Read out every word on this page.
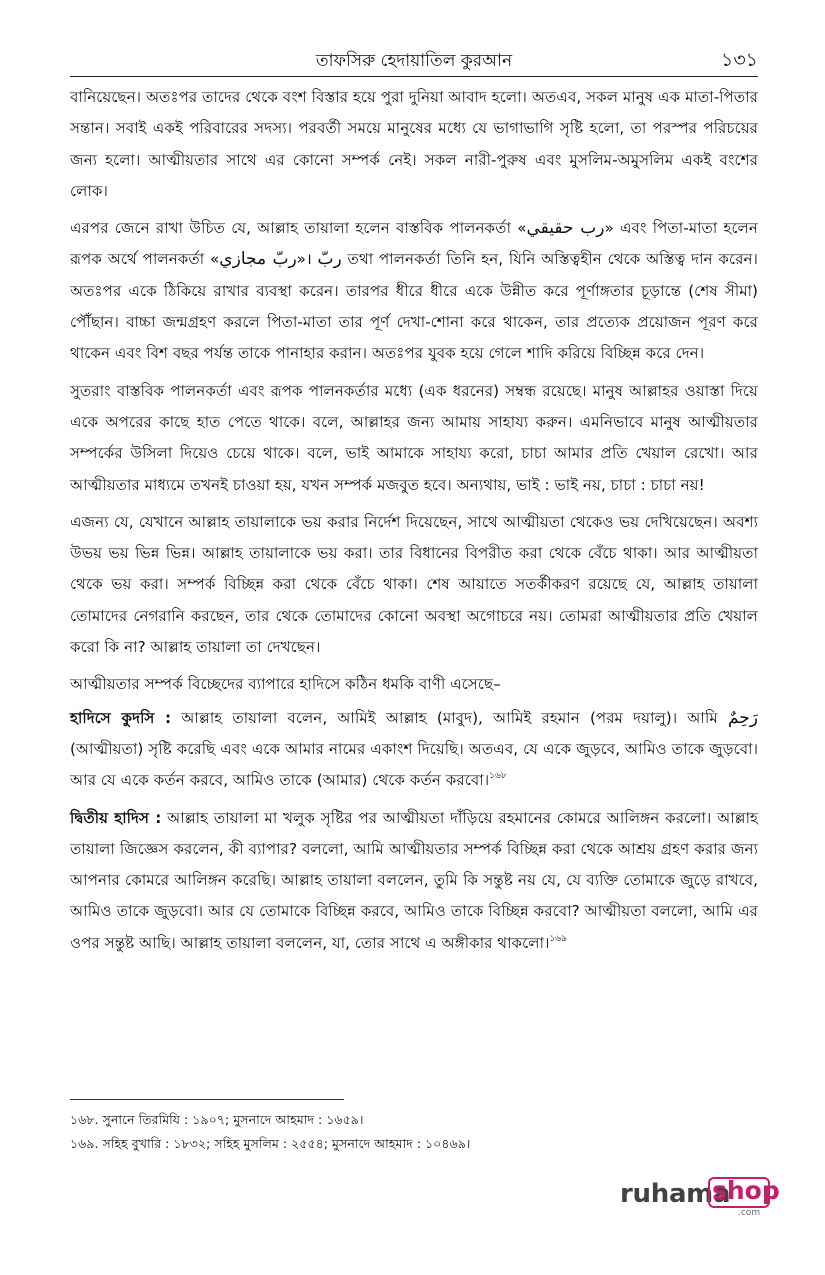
তাফসিরু হেদায়াতিল কুরআন	১৩১

বানিয়েছেন। অতঃপর তাদের থেকে বংশ বিস্তার হয়ে পুরা দুনিয়া আবাদ হলো। অতএব, সকল মানুষ এক মাতা-পিতার সন্তান। সবাই একই পরিবারের সদস্য। পরবর্তী সময়ে মানুষের মধ্যে যে ভাগাভাগি সৃষ্টি হলো, তা পরস্পর পরিচয়ের জন্য হলো। আত্মীয়তার সাথে এর কোনো সম্পর্ক নেই। সকল নারী-পুরুষ এবং মুসলিম-অমুসলিম একই বংশের লোক।

এরপর জেনে রাখা উচিত যে, আল্লাহ তায়ালা হলেন বাস্তবিক পালনকর্তা «رب حقيقي» এবং পিতা-মাতা হলেন রূপক অর্থে পালনকর্তা «ربّ مجازي»। ربّ তথা পালনকর্তা তিনি হন, যিনি অস্তিত্বহীন থেকে অস্তিত্ব দান করেন। অতঃপর একে ঠিকিয়ে রাখার ব্যবস্থা করেন। তারপর ধীরে ধীরে একে উন্নীত করে পূর্ণাঙ্গতার চূড়ান্তে (শেষ সীমা) পৌঁছান। বাচ্চা জন্মগ্রহণ করলে পিতা-মাতা তার পূর্ণ দেখা-শোনা করে থাকেন, তার প্রত্যেক প্রয়োজন পূরণ করে থাকেন এবং বিশ বছর পর্যন্ত তাকে পানাহার করান। অতঃপর যুবক হয়ে গেলে শাদি করিয়ে বিচ্ছিন্ন করে দেন।

সুতরাং বাস্তবিক পালনকর্তা এবং রূপক পালনকর্তার মধ্যে (এক ধরনের) সম্বন্ধ রয়েছে। মানুষ আল্লাহর ওয়াস্তা দিয়ে একে অপরের কাছে হাত পেতে থাকে। বলে, আল্লাহর জন্য আমায় সাহায্য করুন। এমনিভাবে মানুষ আত্মীয়তার সম্পর্কের উসিলা দিয়েও চেয়ে থাকে। বলে, ভাই আমাকে সাহায্য করো, চাচা আমার প্রতি খেয়াল রেখো। আর আত্মীয়তার মাধ্যমে তখনই চাওয়া হয়, যখন সম্পর্ক মজবুত হবে। অন্যথায়, ভাই : ভাই নয়, চাচা : চাচা নয়!

এজন্য যে, যেখানে আল্লাহ তায়ালাকে ভয় করার নির্দেশ দিয়েছেন, সাথে আত্মীয়তা থেকেও ভয় দেখিয়েছেন। অবশ্য উভয় ভয় ভিন্ন ভিন্ন। আল্লাহ তায়ালাকে ভয় করা। তার বিধানের বিপরীত করা থেকে বেঁচে থাকা। আর আত্মীয়তা থেকে ভয় করা। সম্পর্ক বিচ্ছিন্ন করা থেকে বেঁচে থাকা। শেষ আয়াতে সতর্কীকরণ রয়েছে যে, আল্লাহ তায়ালা তোমাদের নেগরানি করছেন, তার থেকে তোমাদের কোনো অবস্থা অগোচরে নয়। তোমরা আত্মীয়তার প্রতি খেয়াল করো কি না? আল্লাহ তায়ালা তা দেখছেন।

আত্মীয়তার সম্পর্ক বিচ্ছেদের ব্যাপারে হাদিসে কঠিন ধমকি বাণী এসেছে–

হাদিসে কুদসি : আল্লাহ তায়ালা বলেন, আমিই আল্লাহ (মাবুদ), আমিই রহমান (পরম দয়ালু)। আমি رَحِمٌ (আত্মীয়তা) সৃষ্টি করেছি এবং একে আমার নামের একাংশ দিয়েছি। অতএব, যে একে জুড়বে, আমিও তাকে জুড়বো। আর যে একে কর্তন করবে, আমিও তাকে (আমার) থেকে কর্তন করবো।$^{১৬৮}$

দ্বিতীয় হাদিস : আল্লাহ তায়ালা মা খলুক সৃষ্টির পর আত্মীয়তা দাঁড়িয়ে রহমানের কোমরে আলিঙ্গন করলো। আল্লাহ তায়ালা জিজ্ঞেস করলেন, কী ব্যাপার? বললো, আমি আত্মীয়তার সম্পর্ক বিচ্ছিন্ন করা থেকে আশ্রয় গ্রহণ করার জন্য আপনার কোমরে আলিঙ্গন করেছি। আল্লাহ তায়ালা বললেন, তুমি কি সন্তুষ্ট নয় যে, যে ব্যক্তি তোমাকে জুড়ে রাখবে, আমিও তাকে জুড়বো। আর যে তোমাকে বিচ্ছিন্ন করবে, আমিও তাকে বিচ্ছিন্ন করবো? আত্মীয়তা বললো, আমি এর ওপর সন্তুষ্ট আছি। আল্লাহ তায়ালা বললেন, যা, তোর সাথে এ অঙ্গীকার থাকলো।$^{১৬৯}$

১৬৮. সুনানে তিরমিযি : ১৯০৭; মুসনাদে আহমাদ : ১৬৫৯।

১৬৯. সহিহ বুখারি : ১৮৩২; সহিহ মুসলিম : ২৫৫৪; মুসনাদে আহমাদ : ১০৪৬৯।

ruhama
shop
.com
